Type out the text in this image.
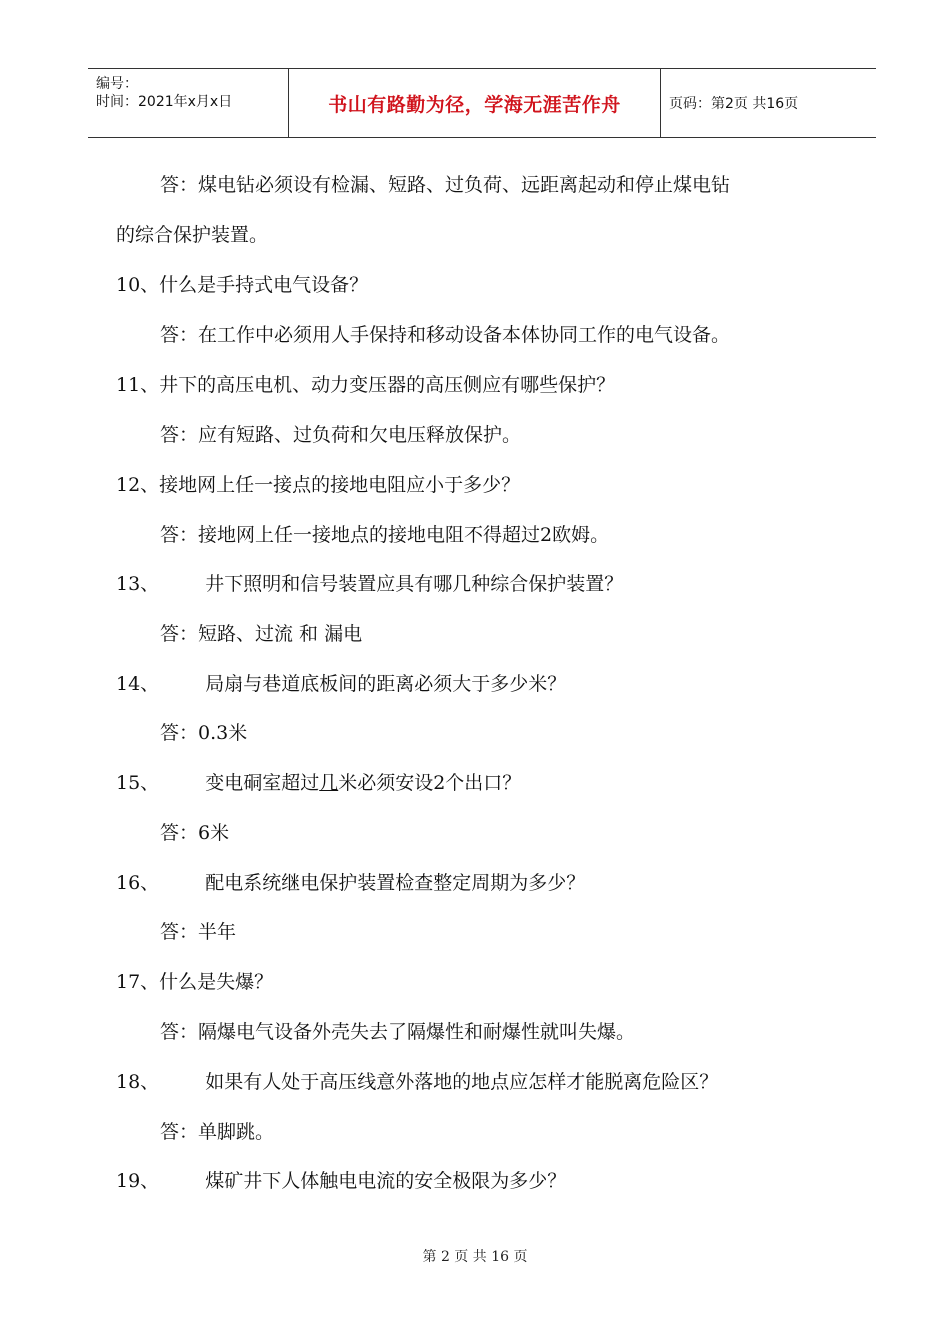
编号：
时间：2021年x月x日	书山有路勤为径，学海无涯苦作舟	页码：第2页 共16页
答：煤电钻必须设有检漏、短路、过负荷、远距离起动和停止煤电钻
的综合保护装置。
10、什么是手持式电气设备？
答：在工作中必须用人手保持和移动设备本体协同工作的电气设备。
11、井下的高压电机、动力变压器的高压侧应有哪些保护？
答：应有短路、过负荷和欠电压释放保护。
12、接地网上任一接点的接地电阻应小于多少？
答：接地网上任一接地点的接地电阻不得超过2欧姆。
13、 井下照明和信号装置应具有哪几种综合保护装置？
答：短路、过流 和 漏电
14、 局扇与巷道底板间的距离必须大于多少米？
答：0.3米
15、 变电硐室超过几米必须安设2个出口？
答：6米
16、 配电系统继电保护装置检查整定周期为多少？
答：半年
17、什么是失爆？
答：隔爆电气设备外壳失去了隔爆性和耐爆性就叫失爆。
18、 如果有人处于高压线意外落地的地点应怎样才能脱离危险区？
答：单脚跳。
19、 煤矿井下人体触电电流的安全极限为多少？
第 2 页 共 16 页
